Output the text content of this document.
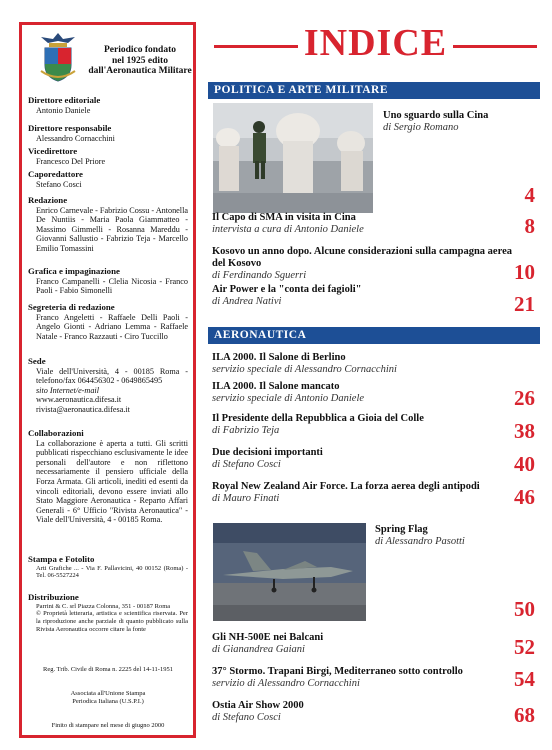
Periodico fondato
nel 1925 edito
dall'Aeronautica Militare
Direttore editoriale
Antonio Daniele
Direttore responsabile
Alessandro Cornacchini
Vicedirettore
Francesco Del Priore
Caporedattore
Stefano Cosci
Redazione
Enrico Carnevale - Fabrizio Cossu - Antonella De Nuntiis - Maria Paola Giammatteo - Massimo Gimmelli - Rosanna Mareddu - Giovanni Sallustio - Fabrizio Teja - Marcello Emilio Tomassini
Grafica e impaginazione
Franco Campanelli - Clelia Nicosia - Franco Paoli - Fabio Simonelli
Segreteria di redazione
Franco Angeletti - Raffaele Delli Paoli - Angelo Gionti - Adriano Lemma - Raffaele Natale - Franco Razzauti - Ciro Tuccillo
Sede
Viale dell'Università, 4 - 00185 Roma - telefono/fax 064456302 - 0649865495
sito Internet/e-mail
www.aeronautica.difesa.it
rivista@aeronautica.difesa.it
Collaborazioni
La collaborazione è aperta a tutti. Gli scritti pubblicati rispecchiano esclusivamente le idee personali dell'autore e non riflettono necessariamente il pensiero ufficiale della Forza Armata. Gli articoli, inediti ed esenti da vincoli editoriali, devono essere inviati allo Stato Maggiore Aeronautica - Reparto Affari Generali - 6° Ufficio "Rivista Aeronautica" - Viale dell'Università, 4 - 00185 Roma.
Stampa e Fotolito
Arti Grafiche ... - Via F. Pallavicini, 40 00152 (Roma) - Tel. 06-5527224
Distribuzione
Parrini & C. srl Piazza Colonna, 351 - 00187 Roma
© Proprietà letteraria, artistica e scientifica riservata. Per la riproduzione anche parziale di quanto pubblicato sulla Rivista Aeronautica occorre citare la fonte
Reg. Trib. Civile di Roma n. 2225 del 14-11-1951
Associata all'Unione Stampa
Periodica Italiana (U.S.P.I.)
Finito di stampare nel mese di giugno 2000
INDICE
POLITICA E ARTE MILITARE
Uno sguardo sulla Cina
di Sergio Romano
4
Il Capo di SMA in visita in Cina
intervista a cura di Antonio Daniele	8
Kosovo un anno dopo. Alcune considerazioni sulla campagna aerea del Kosovo
di Ferdinando Sguerri	10
Air Power e la "conta dei fagioli"
di Andrea Nativi	21
AERONAUTICA
ILA 2000. Il Salone di Berlino
servizio speciale di Alessandro Cornacchini
ILA 2000. Il Salone mancato
servizio speciale di Antonio Daniele	26
Il Presidente della Repubblica a Gioia del Colle
di Fabrizio Teja	38
Due decisioni importanti
di Stefano Cosci	40
Royal New Zealand Air Force. La forza aerea degli antipodi
di Mauro Finati	46
Spring Flag
di Alessandro Pasotti
50
Gli NH-500E nei Balcani
di Gianandrea Gaiani	52
37° Stormo. Trapani Birgi, Mediterraneo sotto controllo
servizio di Alessandro Cornacchini	54
Ostia Air Show 2000
di Stefano Cosci	68
